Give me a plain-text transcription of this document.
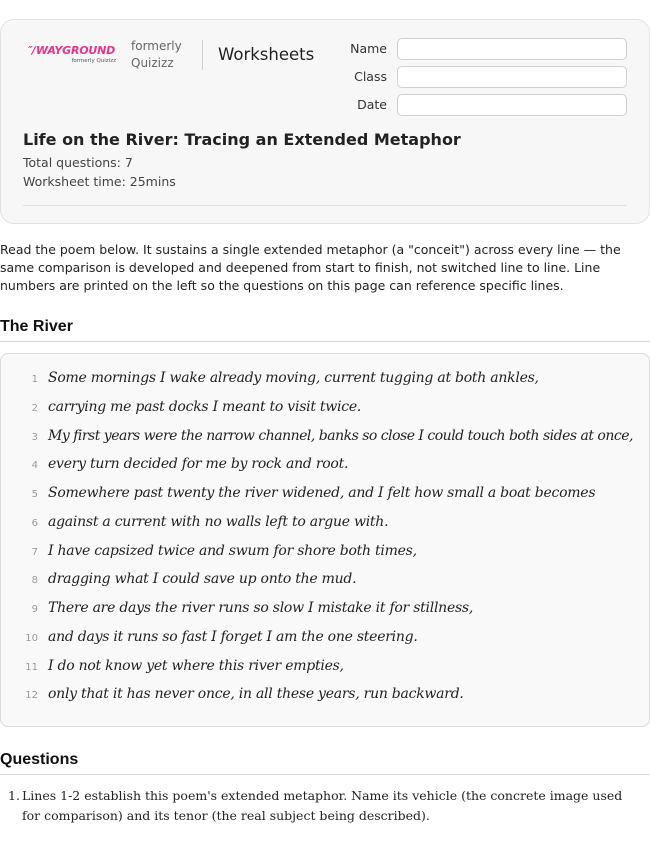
′′/WAYGROUND
formerly Quizizz
formerly Quizizz	Worksheets	Name
Class
Date
Life on the River: Tracing an Extended Metaphor
Total questions: 7
Worksheet time: 25mins

Read the poem below. It sustains a single extended metaphor (a "conceit") across every line — the same comparison is developed and deepened from start to finish, not switched line to line. Line numbers are printed on the left so the questions on this page can reference specific lines.

The River
1 Some mornings I wake already moving, current tugging at both ankles,
2 carrying me past docks I meant to visit twice.
3 My first years were the narrow channel, banks so close I could touch both sides at once,
4 every turn decided for me by rock and root.
5 Somewhere past twenty the river widened, and I felt how small a boat becomes
6 against a current with no walls left to argue with.
7 I have capsized twice and swum for shore both times,
8 dragging what I could save up onto the mud.
9 There are days the river runs so slow I mistake it for stillness,
10 and days it runs so fast I forget I am the one steering.
11 I do not know yet where this river empties,
12 only that it has never once, in all these years, run backward.
Questions
1. Lines 1-2 establish this poem's extended metaphor. Name its vehicle (the concrete image used for comparison) and its tenor (the real subject being described).
